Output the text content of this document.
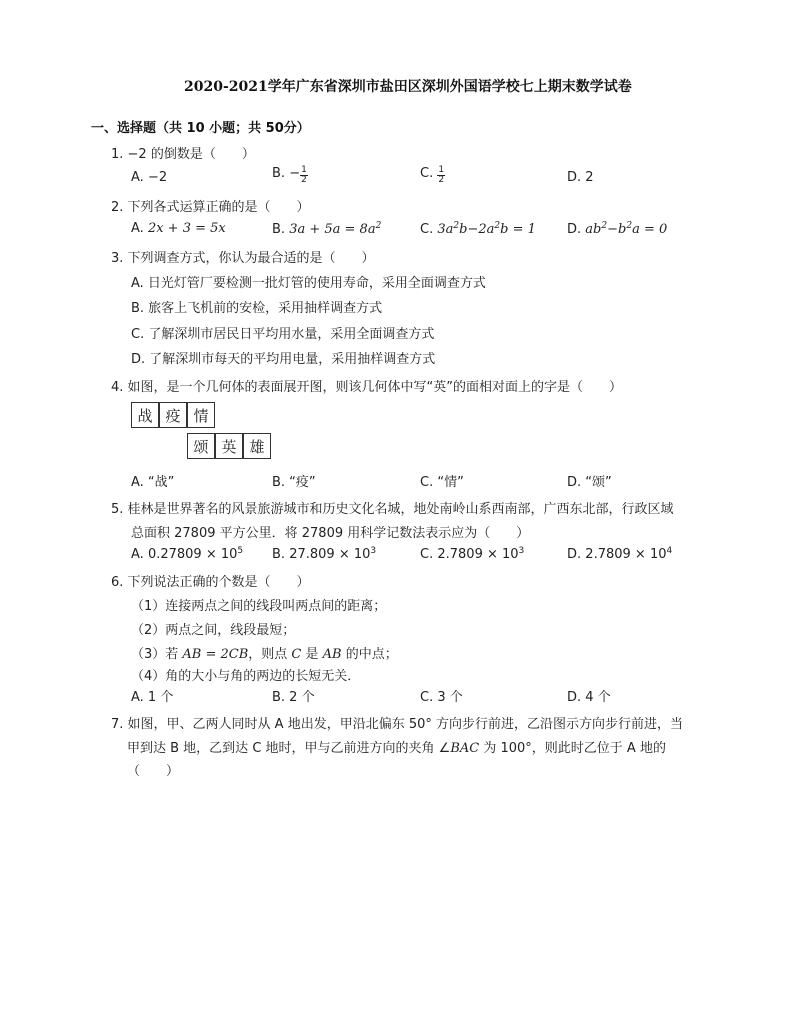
2020-2021学年广东省深圳市盐田区深圳外国语学校七上期末数学试卷
一、选择题（共 10 小题；共 50分）
1. −2 的倒数是（　　）
A. −2	B. − $\frac{1}{2}$	C. $\frac{1}{2}$	D. 2
2. 下列各式运算正确的是（　　）
A. 2x + 3 = 5x	B. $3a + 5a = 8a^2$	C. $3a^2b-2a^2b = 1$ D. $ab^2-b^2a = 0$
3. 下列调查方式，你认为最合适的是（　　）
A. 日光灯管厂要检测一批灯管的使用寿命，采用全面调查方式
B. 旅客上飞机前的安检，采用抽样调查方式
C. 了解深圳市居民日平均用水量，采用全面调查方式
D. 了解深圳市每天的平均用电量，采用抽样调查方式
4. 如图，是一个几何体的表面展开图，则该几何体中写“英”的面相对面上的字是（　　）
战 疫 情
颂 英 雄
A. “战”	B. “疫”	C. “情”	D. “颂”
5. 桂林是世界著名的风景旅游城市和历史文化名城，地处南岭山系西南部，广西东北部，行政区域
总面积 27809 平方公里．将 27809 用科学记数法表示应为（　　）
A. $0.27809 \times 10^5$ B. $27.809 \times 10^3$	C. $2.7809 \times 10^3$	D. $2.7809 \times 10^4$
6. 下列说法正确的个数是（　　）
（1）连接两点之间的线段叫两点间的距离；
（2）两点之间，线段最短；
（3）若 AB = 2CB，则点 C 是 AB 的中点；
（4）角的大小与角的两边的长短无关．
A. 1 个	B. 2 个	C. 3 个	D. 4 个
7. 如图，甲、乙两人同时从 A 地出发，甲沿北偏东 50° 方向步行前进，乙沿图示方向步行前进，当
甲到达 B 地，乙到达 C 地时，甲与乙前进方向的夹角 ∠BAC 为 100°，则此时乙位于 A 地的
（　　）
